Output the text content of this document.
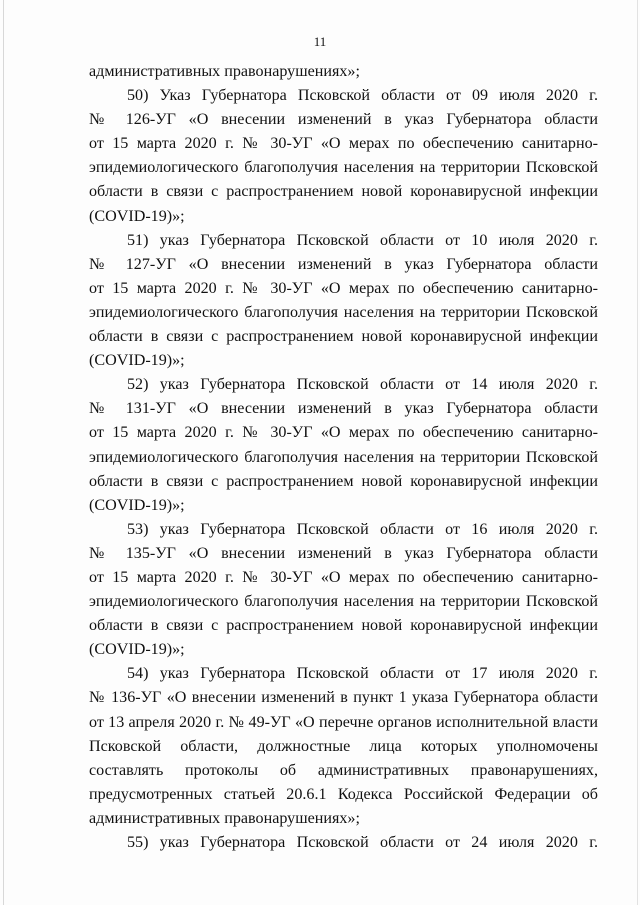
11
административных правонарушениях»;
50) Указ Губернатора Псковской области от 09 июля 2020 г.
№ 126-УГ «О внесении изменений в указ Губернатора области
от 15 марта 2020 г. № 30-УГ «О мерах по обеспечению санитарно-
эпидемиологического благополучия населения на территории Псковской
области в связи с распространением новой коронавирусной инфекции
(COVID-19)»;
51) указ Губернатора Псковской области от 10 июля 2020 г.
№ 127-УГ «О внесении изменений в указ Губернатора области
от 15 марта 2020 г. № 30-УГ «О мерах по обеспечению санитарно-
эпидемиологического благополучия населения на территории Псковской
области в связи с распространением новой коронавирусной инфекции
(COVID-19)»;
52) указ Губернатора Псковской области от 14 июля 2020 г.
№ 131-УГ «О внесении изменений в указ Губернатора области
от 15 марта 2020 г. № 30-УГ «О мерах по обеспечению санитарно-
эпидемиологического благополучия населения на территории Псковской
области в связи с распространением новой коронавирусной инфекции
(COVID-19)»;
53) указ Губернатора Псковской области от 16 июля 2020 г.
№ 135-УГ «О внесении изменений в указ Губернатора области
от 15 марта 2020 г. № 30-УГ «О мерах по обеспечению санитарно-
эпидемиологического благополучия населения на территории Псковской
области в связи с распространением новой коронавирусной инфекции
(COVID-19)»;
54) указ Губернатора Псковской области от 17 июля 2020 г.
№ 136-УГ «О внесении изменений в пункт 1 указа Губернатора области
от 13 апреля 2020 г. № 49-УГ «О перечне органов исполнительной власти
Псковской области, должностные лица которых уполномочены
составлять протоколы об административных правонарушениях,
предусмотренных статьей 20.6.1 Кодекса Российской Федерации об
административных правонарушениях»;
55) указ Губернатора Псковской области от 24 июля 2020 г.
